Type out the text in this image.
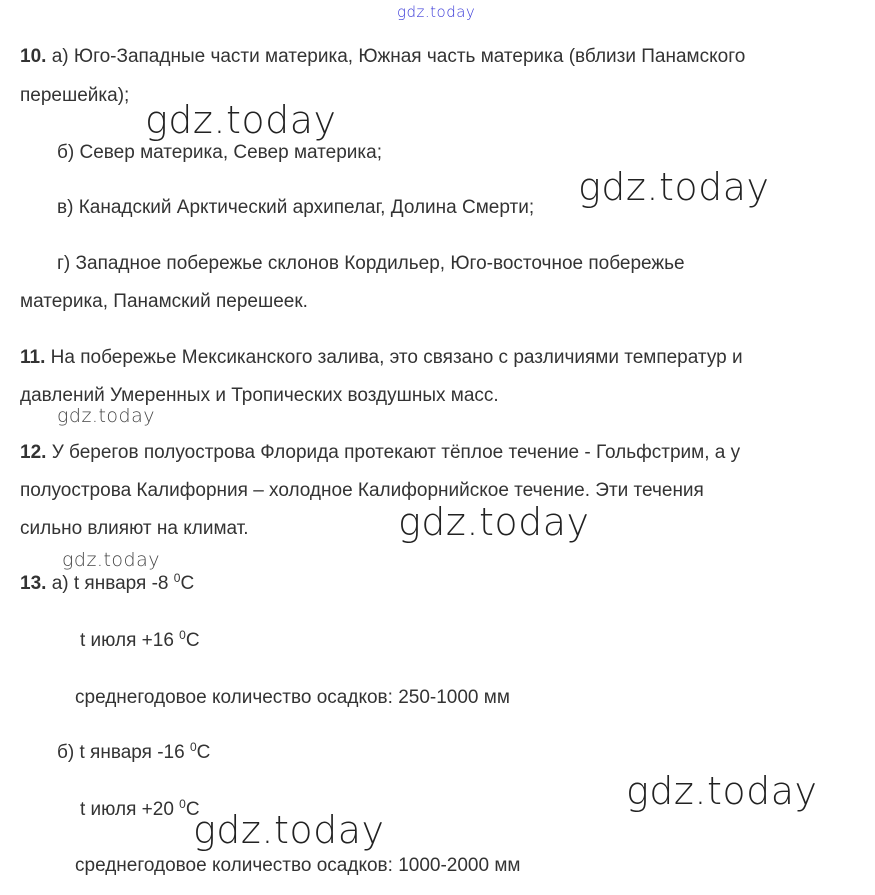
gdz.today
10. а) Юго-Западные части материка, Южная часть материка (вблизи Панамского
перешейка);
gdz.today
б) Север материка, Север материка;
gdz.today
в) Канадский Арктический архипелаг, Долина Смерти;
г) Западное побережье склонов Кордильер, Юго-восточное побережье
материка, Панамский перешеек.
11. На побережье Мексиканского залива, это связано с различиями температур и
давлений Умеренных и Тропических воздушных масс.
gdz.today
12. У берегов полуострова Флорида протекают тёплое течение - Гольфстрим, а у
полуострова Калифорния – холодное Калифорнийское течение. Эти течения
сильно влияют на климат.	gdz.today
gdz.today
13. а) t января -8 $^0$C
t июля +16 $^0$C
среднегодовое количество осадков: 250-1000 мм
б) t января -16 $^0$C
gdz.today
t июля +20 $^0$C
gdz.today
среднегодовое количество осадков: 1000-2000 мм
